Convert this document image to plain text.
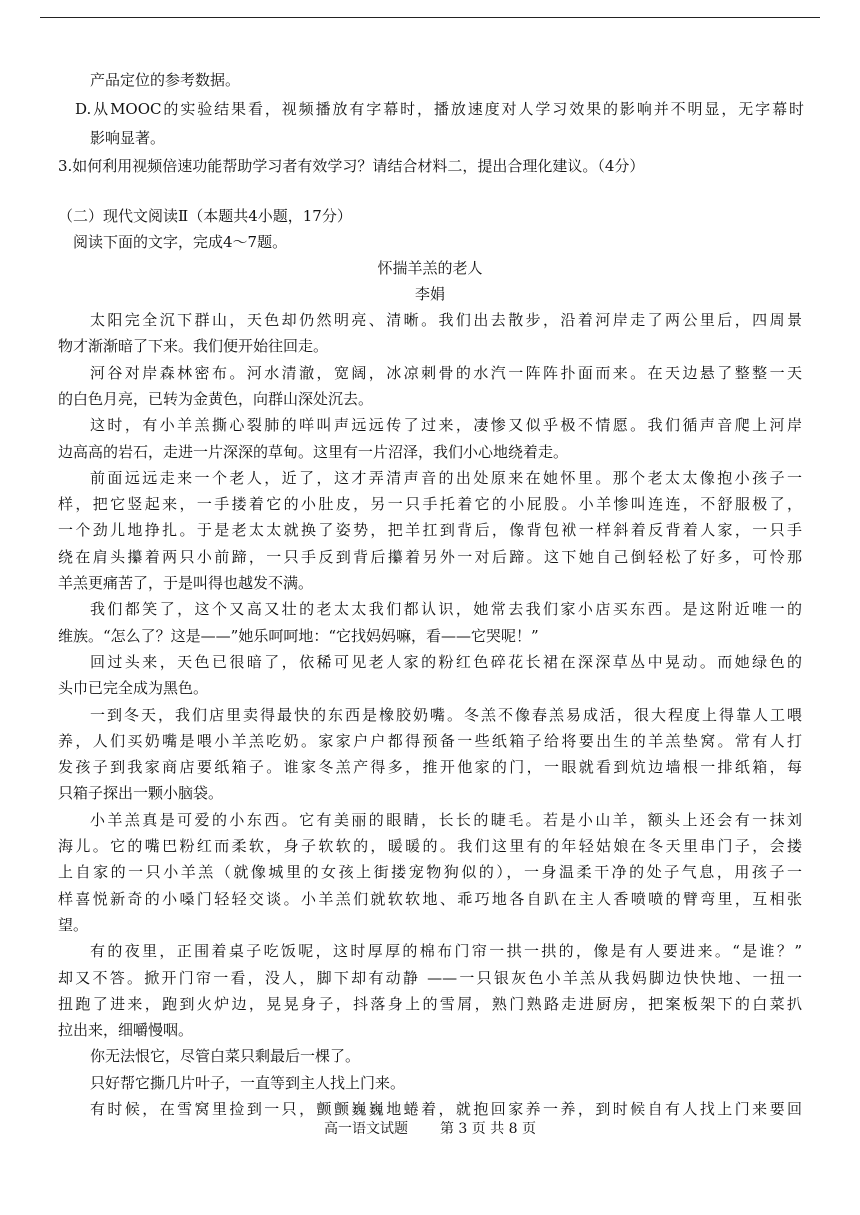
产品定位的参考数据。
D.从MOOC的实验结果看，视频播放有字幕时，播放速度对人学习效果的影响并不明显，无字幕时
影响显著。
3.如何利用视频倍速功能帮助学习者有效学习？请结合材料二，提出合理化建议。（4分）
（二）现代文阅读Ⅱ（本题共4小题，17分）
阅读下面的文字，完成4～7题。
怀揣羊羔的老人
李娟
太阳完全沉下群山，天色却仍然明亮、清晰。我们出去散步，沿着河岸走了两公里后，四周景
物才渐渐暗了下来。我们便开始往回走。
河谷对岸森林密布。河水清澈，宽阔，冰凉刺骨的水汽一阵阵扑面而来。在天边悬了整整一天
的白色月亮，已转为金黄色，向群山深处沉去。
这时，有小羊羔撕心裂肺的咩叫声远远传了过来，凄惨又似乎极不情愿。我们循声音爬上河岸
边高高的岩石，走进一片深深的草甸。这里有一片沼泽，我们小心地绕着走。
前面远远走来一个老人，近了，这才弄清声音的出处原来在她怀里。那个老太太像抱小孩子一
样，把它竖起来，一手搂着它的小肚皮，另一只手托着它的小屁股。小羊惨叫连连，不舒服极了，
一个劲儿地挣扎。于是老太太就换了姿势，把羊扛到背后，像背包袱一样斜着反背着人家，一只手
绕在肩头攥着两只小前蹄，一只手反到背后攥着另外一对后蹄。这下她自己倒轻松了好多，可怜那
羊羔更痛苦了，于是叫得也越发不满。
我们都笑了，这个又高又壮的老太太我们都认识，她常去我们家小店买东西。是这附近唯一的
维族。“怎么了？这是——”她乐呵呵地：“它找妈妈嘛，看——它哭呢！”
回过头来，天色已很暗了，依稀可见老人家的粉红色碎花长裙在深深草丛中晃动。而她绿色的
头巾已完全成为黑色。
一到冬天，我们店里卖得最快的东西是橡胶奶嘴。冬羔不像春羔易成活，很大程度上得靠人工喂
养，人们买奶嘴是喂小羊羔吃奶。家家户户都得预备一些纸箱子给将要出生的羊羔垫窝。常有人打
发孩子到我家商店要纸箱子。谁家冬羔产得多，推开他家的门，一眼就看到炕边墙根一排纸箱，每
只箱子探出一颗小脑袋。
小羊羔真是可爱的小东西。它有美丽的眼睛，长长的睫毛。若是小山羊，额头上还会有一抹刘
海儿。它的嘴巴粉红而柔软，身子软软的，暖暖的。我们这里有的年轻姑娘在冬天里串门子，会搂
上自家的一只小羊羔（就像城里的女孩上街搂宠物狗似的），一身温柔干净的处子气息，用孩子一
样喜悦新奇的小嗓门轻轻交谈。小羊羔们就软软地、乖巧地各自趴在主人香喷喷的臂弯里，互相张
望。
有的夜里，正围着桌子吃饭呢，这时厚厚的棉布门帘一拱一拱的，像是有人要进来。“是谁？”
却又不答。掀开门帘一看，没人，脚下却有动静 ——一只银灰色小羊羔从我妈脚边快快地、一扭一
扭跑了进来，跑到火炉边，晃晃身子，抖落身上的雪屑，熟门熟路走进厨房，把案板架下的白菜扒
拉出来，细嚼慢咽。
你无法恨它，尽管白菜只剩最后一棵了。
只好帮它撕几片叶子，一直等到主人找上门来。
有时候，在雪窝里捡到一只，颤颤巍巍地蜷着，就抱回家养一养，到时候自有人找上门来要回
高一语文试题 第 3 页 共 8 页
